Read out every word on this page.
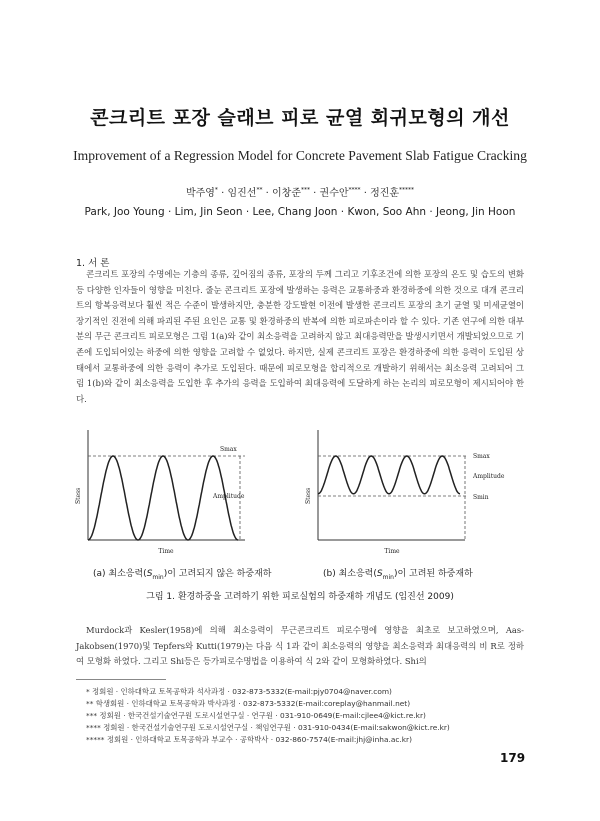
콘크리트 포장 슬래브 피로 균열 회귀모형의 개선
Improvement of a Regression Model for Concrete Pavement Slab Fatigue Cracking
박주영* · 임진선** · 이창준*** · 권수안**** · 정진훈*****
Park, Joo Young · Lim, Jin Seon · Lee, Chang Joon · Kwon, Soo Ahn · Jeong, Jin Hoon
1. 서 론
콘크리트 포장의 수명에는 기층의 종류, 깊어짐의 종류, 포장의 두께 그리고 기후조건에 의한 포장의 온도 및 습도의 변화 등 다양한 인자들이 영향을 미친다. 줄눈 콘크리트 포장에 발생하는 응력은 교통하중과 환경하중에 의한 것으로 대개 콘크리트의 항복응력보다 훨씬 적은 수준이 발생하지만, 충분한 강도발현 이전에 발생한 콘크리트 포장의 초기 균열 및 미세균열이 장기적인 진전에 의해 파괴된 주된 요인은 교통 및 환경하중의 반복에 의한 피로파손이라 할 수 있다. 기존 연구에 의한 대부분의 무근 콘크리트 피로모형은 그림 1(a)와 같이 최소응력을 고려하지 않고 최대응력만을 발생시키면서 개발되었으므로 기존에 도입되어있는 하중에 의한 영향을 고려할 수 없었다. 하지만, 실제 콘크리트 포장은 환경하중에 의한 응력이 도입된 상태에서 교통하중에 의한 응력이 추가로 도입된다. 때문에 피로모형을 합리적으로 개발하기 위해서는 최소응력 고려되어 그림 1(b)와 같이 최소응력을 도입한 후 추가의 응력을 도입하여 최대응력에 도달하게 하는 논리의 피로모형이 제시되어야 한다.
Stess
Time
Smax
Amplitude	Stess
Time
Smax
Amplitude
Smin
(a) 최소응력$(S_{min})$이 고려되지 않은 하중재하	(b) 최소응력$(S_{min})$이 고려된 하중재하
그림 1. 환경하중을 고려하기 위한 피로실험의 하중재하 개념도 (임진선 2009)
Murdock과 Kesler(1958)에 의해 최소응력이 무근콘크리트 피로수명에 영향을 최초로 보고하였으며, Aas-Jakobsen(1970)및 Tepfers와 Kutti(1979)는 다음 식 1과 같이 최소응력의 영향을 최소응력과 최대응력의 비 R로 정하여 모형화 하였다. 그리고 Shi등은 등가피로수명법을 이용하여 식 2와 같이 모형화하였다. Shi의
* 정회원 · 인하대학교 토목공학과 석사과정 · 032-873-5332(E-mail:pjy0704@naver.com)
** 학생회원 · 인하대학교 토목공학과 박사과정 · 032-873-5332(E-mail:coreplay@hanmail.net)
*** 정회원 · 한국건설기술연구원 도로시설연구실 · 연구원 · 031-910-0649(E-mail:cjlee4@kict.re.kr)
**** 정회원 · 한국건설기술연구원 도로시설연구실 · 책임연구원 · 031-910-0434(E-mail:sakwon@kict.re.kr)
***** 정회원 · 인하대학교 토목공학과 부교수 · 공학박사 · 032-860-7574(E-mail:jhj@inha.ac.kr)
179
